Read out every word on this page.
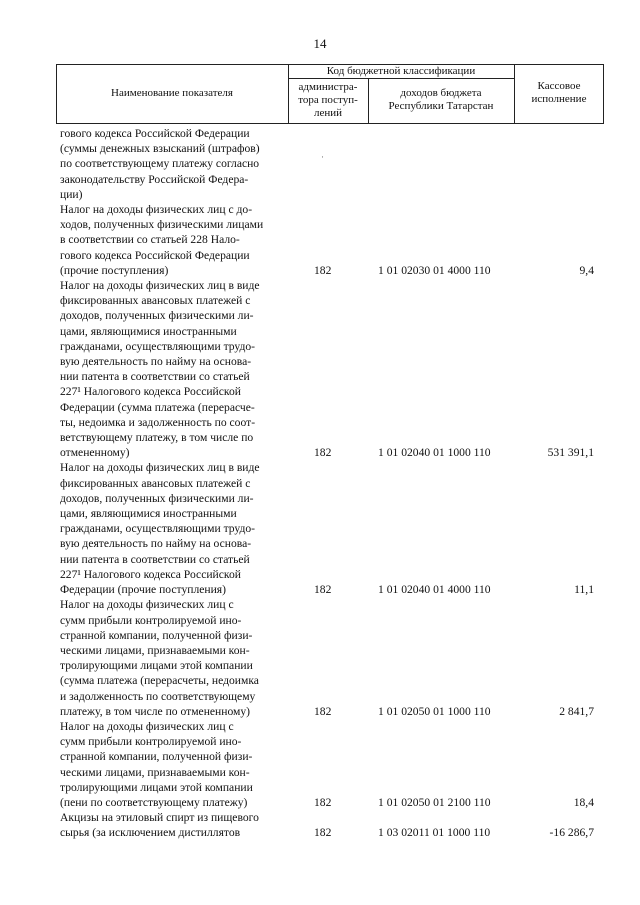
14
Наименование показателя
Код бюджетной классификации
администра-
тора поступ-
лений
доходов бюджета
Республики Татарстан
Кассовое
исполнение

гового кодекса Российской Федерации

(суммы денежных взысканий (штрафов)

по соответствующему платежу согласно

законодательству Российской Федера-

ции)

·

Налог на доходы физических лиц с до-

ходов, полученных физическими лицами

в соответствии со статьей 228 Нало-

гового кодекса Российской Федерации

(прочие поступления)	182	1 01 02030 01 4000 110	9,4

Налог на доходы физических лиц в виде

фиксированных авансовых платежей с

доходов, полученных физическими ли-

цами, являющимися иностранными

гражданами, осуществляющими трудо-

вую деятельность по найму на основа-

нии патента в соответствии со статьей

227¹ Налогового кодекса Российской

Федерации (сумма платежа (перерасче-

ты, недоимка и задолженность по соот-

ветствующему платежу, в том числе по

отмененному)	182	1 01 02040 01 1000 110	531 391,1

Налог на доходы физических лиц в виде

фиксированных авансовых платежей с

доходов, полученных физическими ли-

цами, являющимися иностранными

гражданами, осуществляющими трудо-

вую деятельность по найму на основа-

нии патента в соответствии со статьей

227¹ Налогового кодекса Российской

Федерации (прочие поступления)	182	1 01 02040 01 4000 110	11,1

Налог на доходы физических лиц с

сумм прибыли контролируемой ино-

странной компании, полученной физи-

ческими лицами, признаваемыми кон-

тролирующими лицами этой компании

(сумма платежа (перерасчеты, недоимка

и задолженность по соответствующему

платежу, в том числе по отмененному)	182	1 01 02050 01 1000 110	2 841,7

Налог на доходы физических лиц с

сумм прибыли контролируемой ино-

странной компании, полученной физи-

ческими лицами, признаваемыми кон-

тролирующими лицами этой компании

(пени по соответствующему платежу)	182	1 01 02050 01 2100 110	18,4

Акцизы на этиловый спирт из пищевого

сырья (за исключением дистиллятов	182	1 03 02011 01 1000 110	-16 286,7
